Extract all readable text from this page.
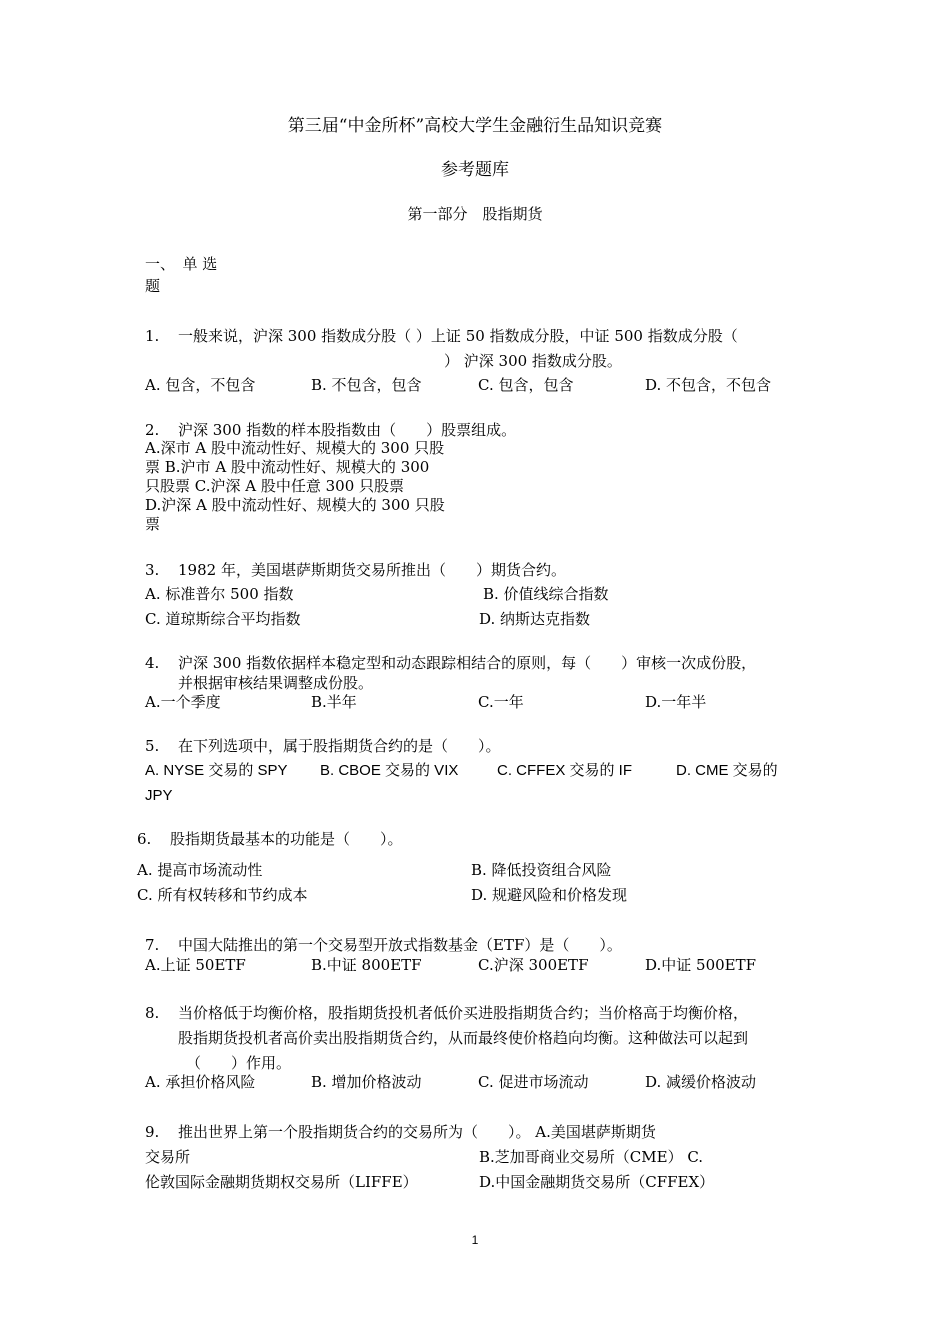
第三届“中金所杯”高校大学生金融衍生品知识竞赛
参考题库
第一部分　股指期货
一、　单 选
题
1. 一般来说，沪深 300 指数成分股（ ）上证 50 指数成分股，中证 500 指数成分股（
） 沪深 300 指数成分股。
A. 包含，不包含	B. 不包含，包含	C. 包含，包含	D. 不包含，不包含
2. 沪深 300 指数的样本股指数由（　　）股票组成。
A.深市 A 股中流动性好、规模大的 300 只股
票 B.沪市 A 股中流动性好、规模大的 300
只股票 C.沪深 A 股中任意 300 只股票
D.沪深 A 股中流动性好、规模大的 300 只股
票
3. 1982 年，美国堪萨斯期货交易所推出（　　）期货合约。
A. 标准普尔 500 指数	B. 价值线综合指数
C. 道琼斯综合平均指数	D. 纳斯达克指数
4. 沪深 300 指数依据样本稳定型和动态跟踪相结合的原则，每（　　）审核一次成份股，
并根据审核结果调整成份股。
A.一个季度	B.半年	C.一年	D.一年半
5. 在下列选项中，属于股指期货合约的是（　　）。
A. NYSE 交易的 SPY B. CBOE 交易的 VIX	C. CFFEX 交易的 IF	D. CME 交易的
JPY
6. 股指期货最基本的功能是（　　）。
A. 提高市场流动性	B. 降低投资组合风险
C. 所有权转移和节约成本	D. 规避风险和价格发现
7. 中国大陆推出的第一个交易型开放式指数基金（ETF）是（　　）。
A.上证 50ETF	B.中证 800ETF	C.沪深 300ETF	D.中证 500ETF
8. 当价格低于均衡价格，股指期货投机者低价买进股指期货合约；当价格高于均衡价格，
股指期货投机者高价卖出股指期货合约，从而最终使价格趋向均衡。这种做法可以起到
（　　）作用。
A. 承担价格风险	B. 增加价格波动	C. 促进市场流动	D. 减缓价格波动
9. 推出世界上第一个股指期货合约的交易所为（　　）。 A.美国堪萨斯期货
交易所	B.芝加哥商业交易所（CME） C.
伦敦国际金融期货期权交易所（LIFFE）	D.中国金融期货交易所（CFFEX）
1
